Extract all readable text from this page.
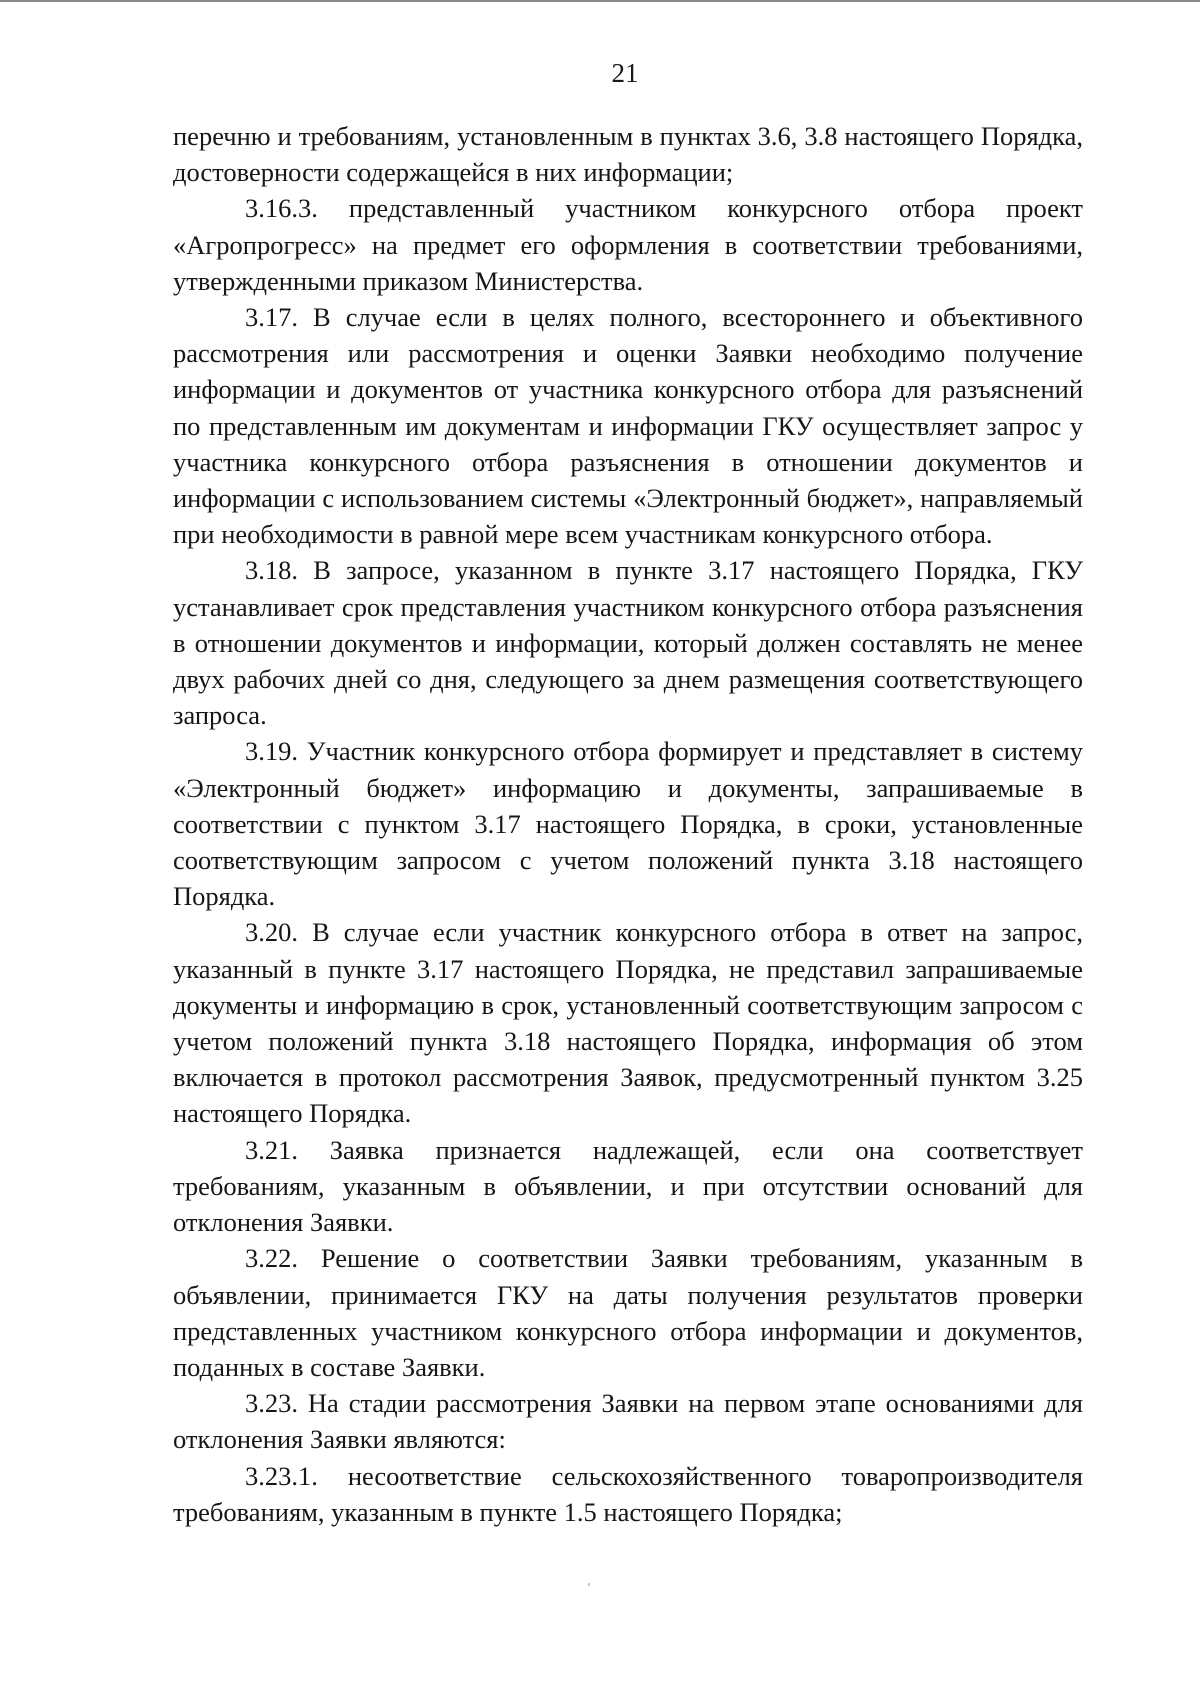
21

перечню и требованиям, установленным в пунктах 3.6, 3.8 настоящего Порядка, достоверности содержащейся в них информации;

3.16.3. представленный участником конкурсного отбора проект «Агропрогресс» на предмет его оформления в соответствии требованиями, утвержденными приказом Министерства.

3.17. В случае если в целях полного, всестороннего и объективного рассмотрения или рассмотрения и оценки Заявки необходимо получение информации и документов от участника конкурсного отбора для разъяснений по представленным им документам и информации ГКУ осуществляет запрос у участника конкурсного отбора разъяснения в отношении документов и информации с использованием системы «Электронный бюджет», направляемый при необходимости в равной мере всем участникам конкурсного отбора.

3.18. В запросе, указанном в пункте 3.17 настоящего Порядка, ГКУ устанавливает срок представления участником конкурсного отбора разъяснения в отношении документов и информации, который должен составлять не менее двух рабочих дней со дня, следующего за днем размещения соответствующего запроса.

3.19. Участник конкурсного отбора формирует и представляет в систему «Электронный бюджет» информацию и документы, запрашиваемые в соответствии с пунктом 3.17 настоящего Порядка, в сроки, установленные соответствующим запросом с учетом положений пункта 3.18 настоящего Порядка.

3.20. В случае если участник конкурсного отбора в ответ на запрос, указанный в пункте 3.17 настоящего Порядка, не представил запрашиваемые документы и информацию в срок, установленный соответствующим запросом с учетом положений пункта 3.18 настоящего Порядка, информация об этом включается в протокол рассмотрения Заявок, предусмотренный пунктом 3.25 настоящего Порядка.

3.21. Заявка признается надлежащей, если она соответствует требованиям, указанным в объявлении, и при отсутствии оснований для отклонения Заявки.

3.22. Решение о соответствии Заявки требованиям, указанным в объявлении, принимается ГКУ на даты получения результатов проверки представленных участником конкурсного отбора информации и документов, поданных в составе Заявки.

3.23. На стадии рассмотрения Заявки на первом этапе основаниями для отклонения Заявки являются:

3.23.1. несоответствие сельскохозяйственного товаропроизводителя требованиям, указанным в пункте 1.5 настоящего Порядка;
